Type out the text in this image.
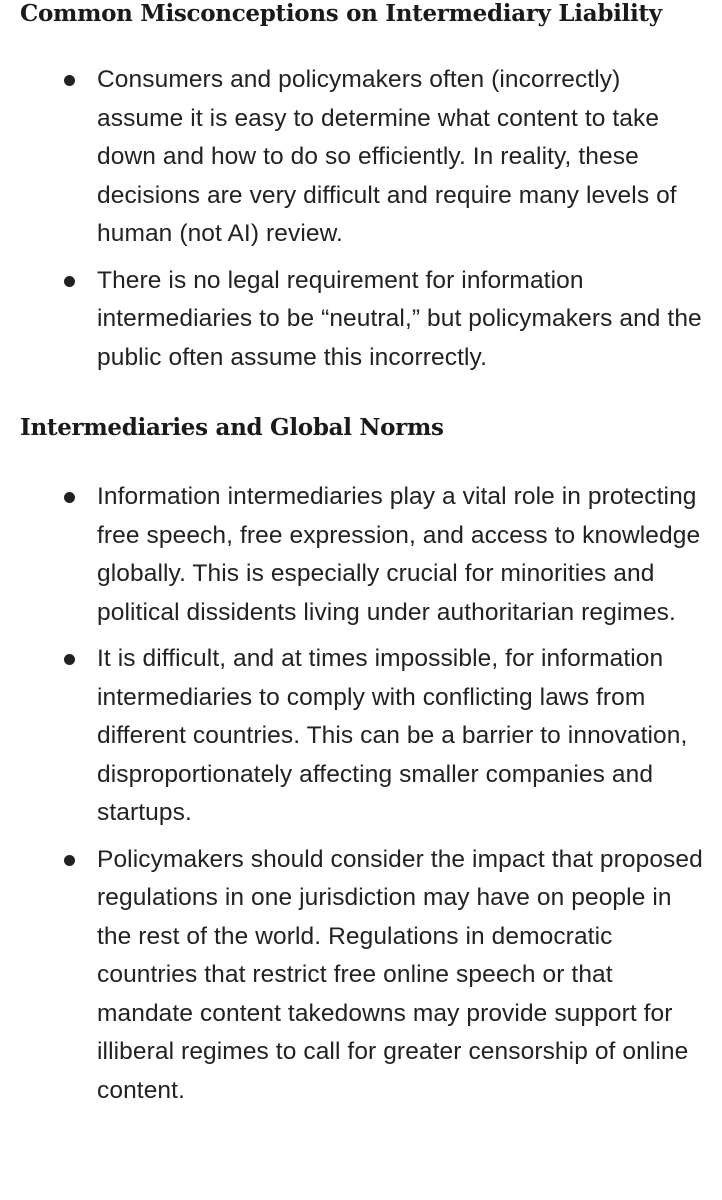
Common Misconceptions on Intermediary Liability
Consumers and policymakers often (incorrectly) assume it is easy to determine what content to take down and how to do so efficiently. In reality, these decisions are very difficult and require many levels of human (not AI) review.
There is no legal requirement for information intermediaries to be “neutral,” but policymakers and the public often assume this incorrectly.
Intermediaries and Global Norms
Information intermediaries play a vital role in protecting free speech, free expression, and access to knowledge globally. This is especially crucial for minorities and political dissidents living under authoritarian regimes.
It is difficult, and at times impossible, for information intermediaries to comply with conflicting laws from different countries. This can be a barrier to innovation, disproportionately affecting smaller companies and startups.
Policymakers should consider the impact that proposed regulations in one jurisdiction may have on people in the rest of the world. Regulations in democratic countries that restrict free online speech or that mandate content takedowns may provide support for illiberal regimes to call for greater censorship of online content.
